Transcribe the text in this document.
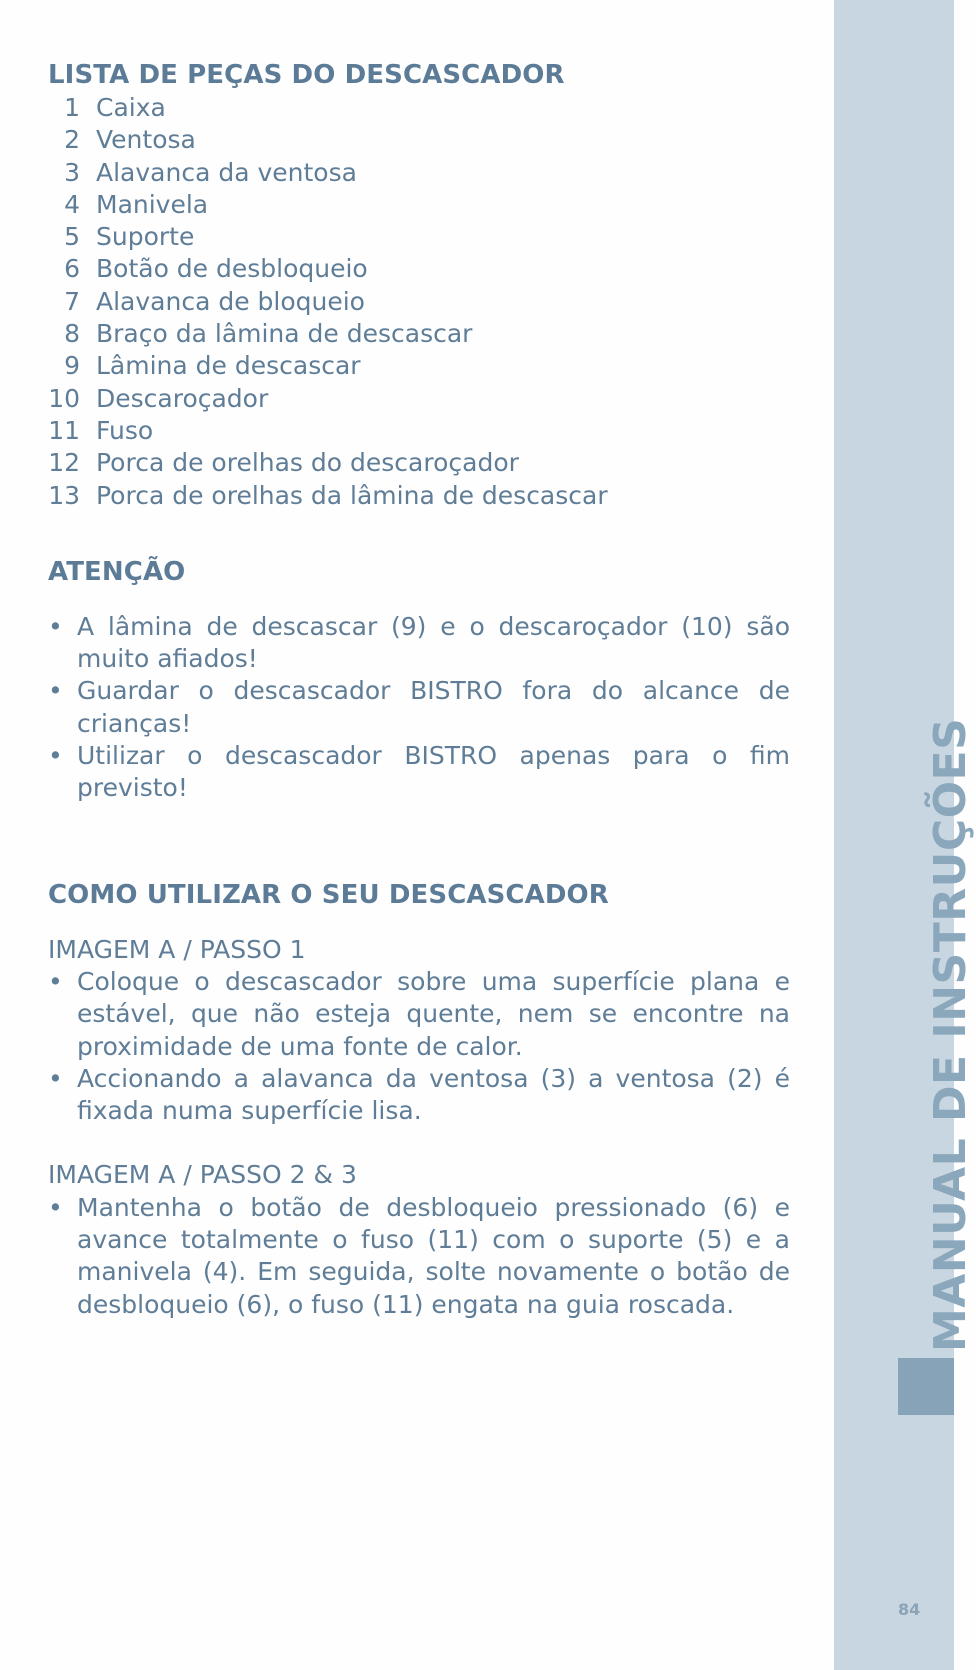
LISTA DE PEÇAS DO DESCASCADOR
1 Caixa
2 Ventosa
3 Alavanca da ventosa
4 Manivela
5 Suporte
6 Botão de desbloqueio
7 Alavanca de bloqueio
8 Braço da lâmina de descascar
9 Lâmina de descascar
10 Descaroçador
11 Fuso
12 Porca de orelhas do descaroçador
13 Porca de orelhas da lâmina de descascar
ATENÇÃO
• A lâmina de descascar (9) e o descaroçador (10) são muito afiados!
• Guardar o descascador BISTRO fora do alcance de crianças!
• Utilizar o descascador BISTRO apenas para o fim previsto!
COMO UTILIZAR O SEU DESCASCADOR

IMAGEM A / PASSO 1

• Coloque o descascador sobre uma superfície plana e estável, que não esteja quente, nem se encontre na proximidade de uma fonte de calor.
• Accionando a alavanca da ventosa (3) a ventosa (2) é fixada numa superfície lisa.

IMAGEM A / PASSO 2 & 3

• Mantenha o botão de desbloqueio pressionado (6) e avance totalmente o fuso (11) com o suporte (5) e a manivela (4). Em seguida, solte novamente o botão de desbloqueio (6), o fuso (11) engata na guia roscada.	MANUAL DE INSTRUÇÕES
84
